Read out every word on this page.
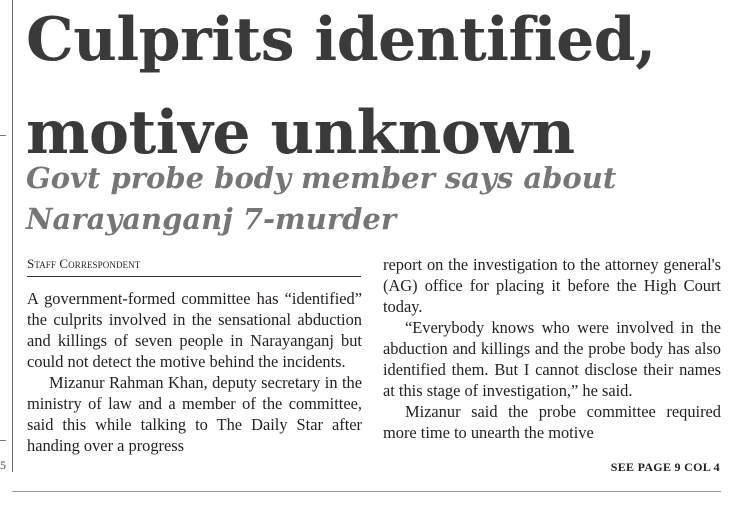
5
Culprits identified,
motive unknown
Govt probe body member says about
Narayanganj 7-murder
Staff Correspondent

A government-formed committee has “identified” the culprits involved in the sensational abduction and killings of seven people in Narayanganj but could not detect the motive behind the incidents.

Mizanur Rahman Khan, deputy secretary in the ministry of law and a member of the committee, said this while talking to The Daily Star after handing over a progress

report on the investigation to the attorney general's (AG) office for placing it before the High Court today.

“Everybody knows who were involved in the abduction and killings and the probe body has also identified them. But I cannot disclose their names at this stage of investigation,” he said.

Mizanur said the probe committee required more time to unearth the motive

SEE PAGE 9 COL 4
